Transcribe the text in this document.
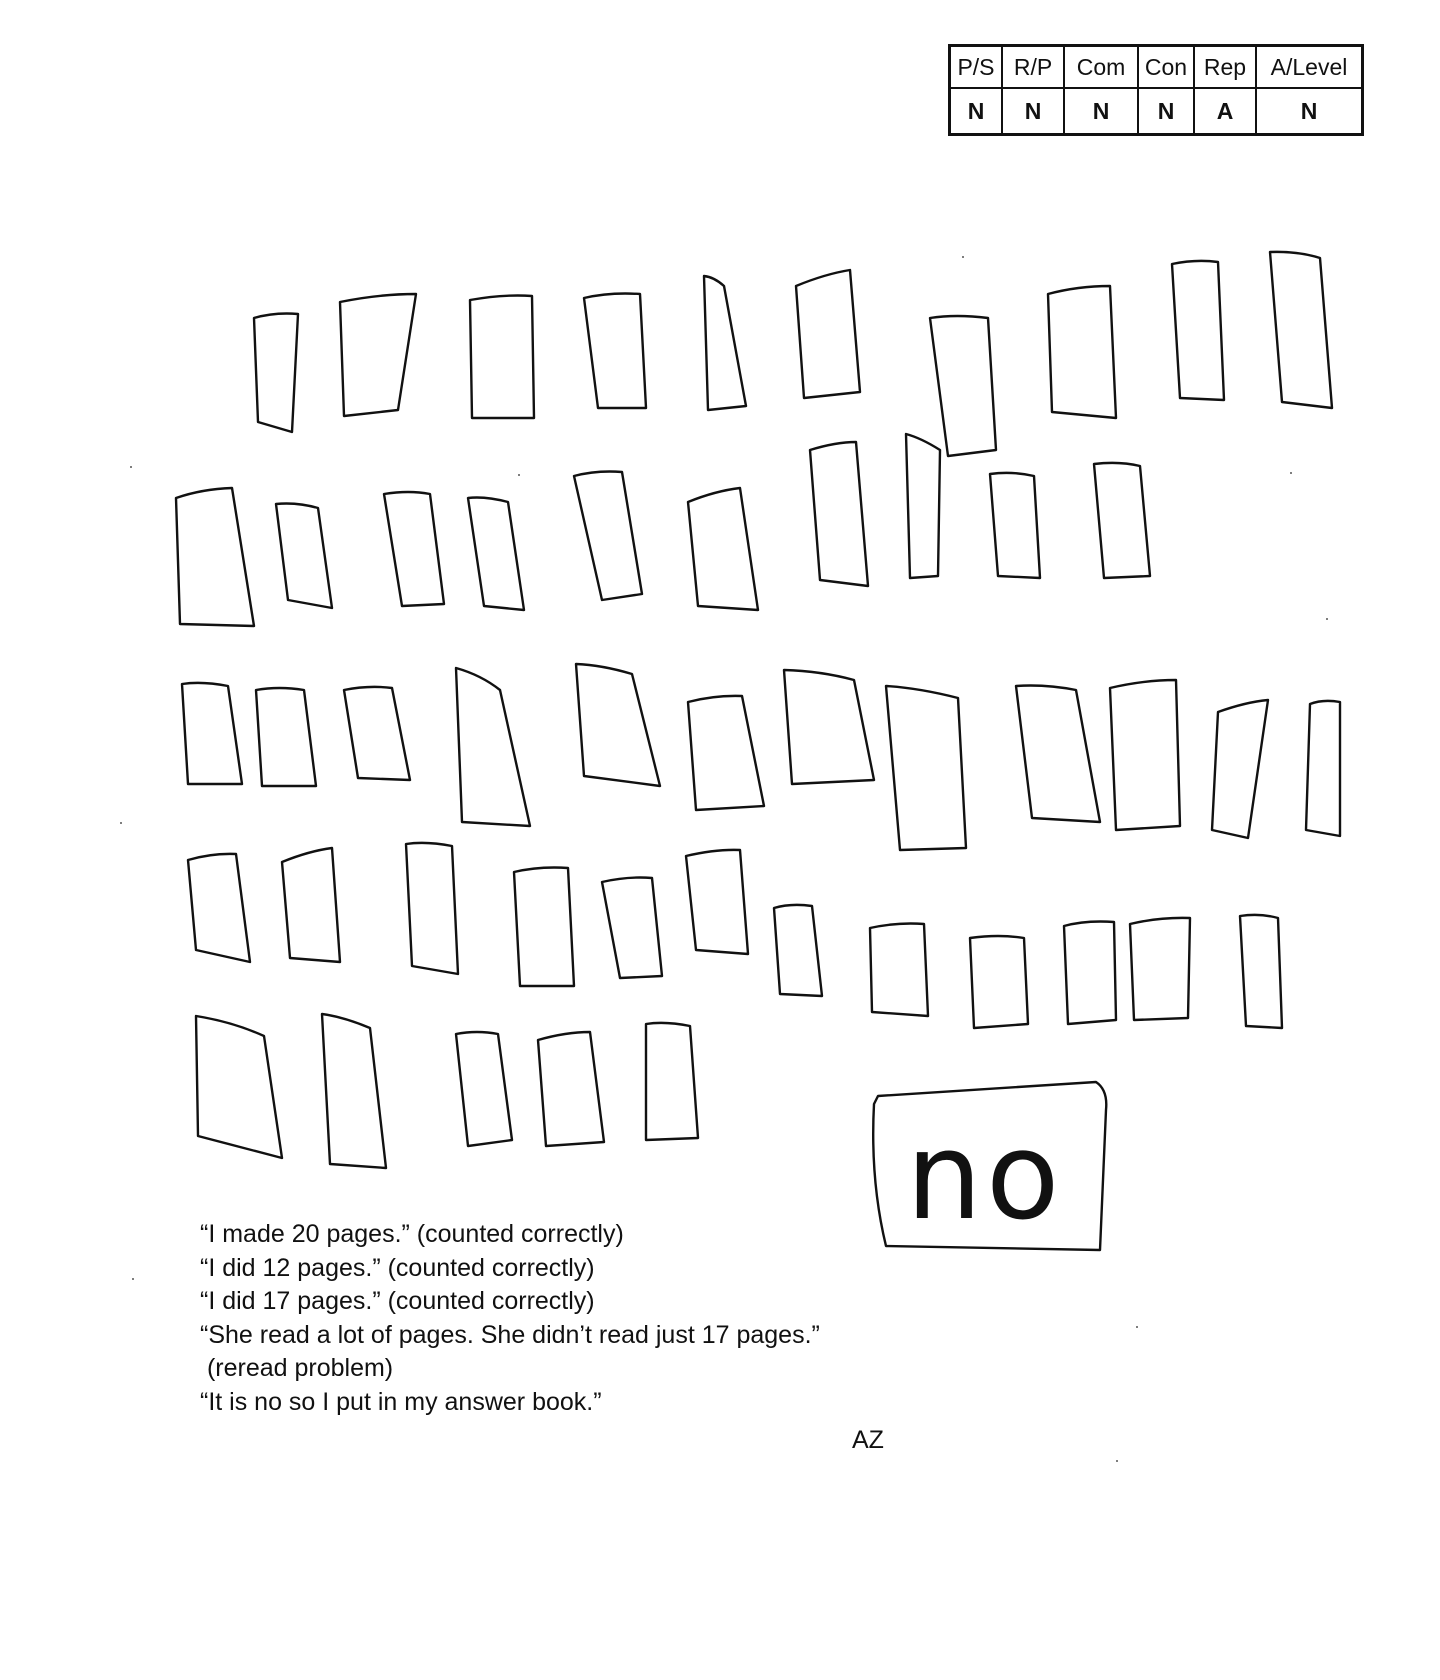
P/S	R/P	Com	Con	Rep	A/Level
N	N	N	N	A	N
no
“I made 20 pages.” (counted correctly)
“I did 12 pages.” (counted correctly)
“I did 17 pages.” (counted correctly)
“She read a lot of pages. She didn’t read just 17 pages.”
(reread problem)
“It is no so I put in my answer book.”
AZ
